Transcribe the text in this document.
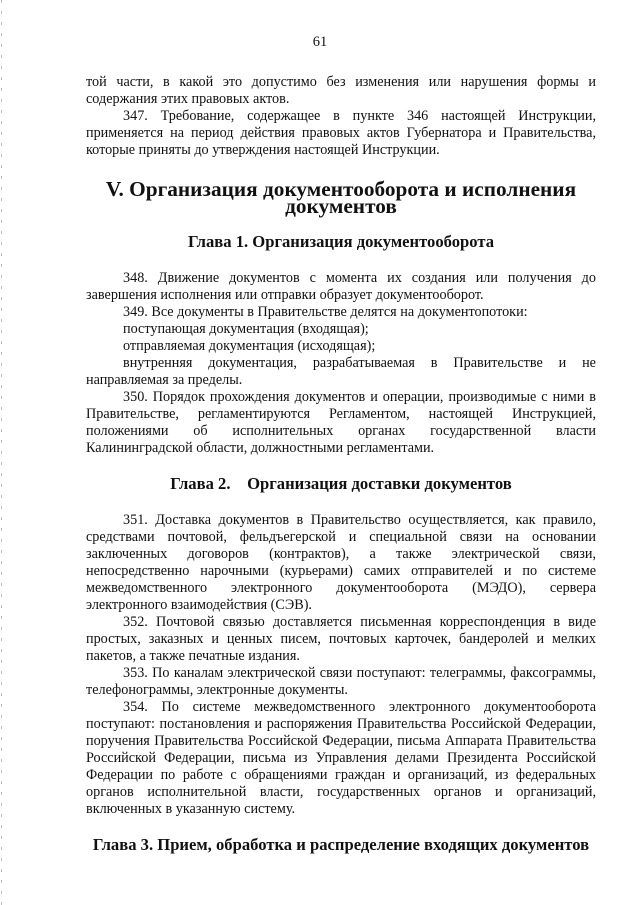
61

той части, в какой это допустимо без изменения или нарушения формы и содержания этих правовых актов.

347. Требование, содержащее в пункте 346 настоящей Инструкции, применяется на период действия правовых актов Губернатора и Правительства, которые приняты до утверждения настоящей Инструкции.

V. Организация документооборота и исполнения документов
Глава 1. Организация документооборота

348. Движение документов с момента их создания или получения до завершения исполнения или отправки образует документооборот.

349. Все документы в Правительстве делятся на документопотоки:

поступающая документация (входящая);

отправляемая документация (исходящая);

внутренняя документация, разрабатываемая в Правительстве и не направляемая за пределы.

350. Порядок прохождения документов и операции, производимые с ними в Правительстве, регламентируются Регламентом, настоящей Инструкцией, положениями об исполнительных органах государственной власти Калининградской области, должностными регламентами.

Глава 2. Организация доставки документов

351. Доставка документов в Правительство осуществляется, как правило, средствами почтовой, фельдъегерской и специальной связи на основании заключенных договоров (контрактов), а также электрической связи, непосредственно нарочными (курьерами) самих отправителей и по системе межведомственного электронного документооборота (МЭДО), сервера электронного взаимодействия (СЭВ).

352. Почтовой связью доставляется письменная корреспонденция в виде простых, заказных и ценных писем, почтовых карточек, бандеролей и мелких пакетов, а также печатные издания.

353. По каналам электрической связи поступают: телеграммы, факсограммы, телефонограммы, электронные документы.

354. По системе межведомственного электронного документооборота поступают: постановления и распоряжения Правительства Российской Федерации, поручения Правительства Российской Федерации, письма Аппарата Правительства Российской Федерации, письма из Управления делами Президента Российской Федерации по работе с обращениями граждан и организаций, из федеральных органов исполнительной власти, государственных органов и организаций, включенных в указанную систему.

Глава 3. Прием, обработка и распределение входящих документов
